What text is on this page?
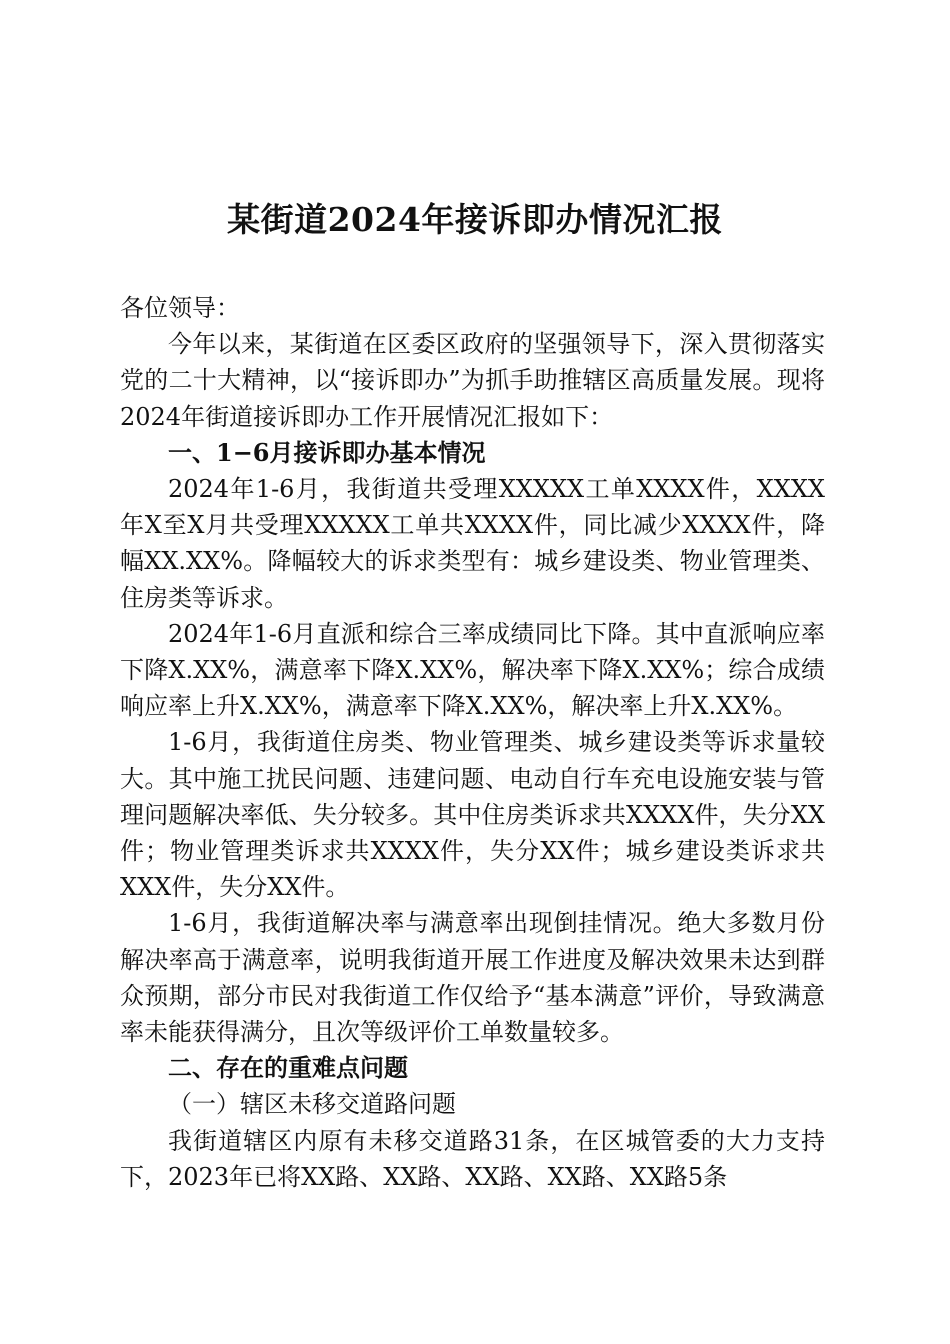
某街道2024年接诉即办情况汇报

各位领导：

今年以来，某街道在区委区政府的坚强领导下，深入贯彻落实党的二十大精神，以“接诉即办”为抓手助推辖区高质量发展。现将2024年街道接诉即办工作开展情况汇报如下：

一、1−6月接诉即办基本情况

2024年1-6月，我街道共受理XXXXX工单XXXX件，XXXX年X至X月共受理XXXXX工单共XXXX件，同比减少XXXX件，降幅XX.XX%。降幅较大的诉求类型有：城乡建设类、物业管理类、住房类等诉求。

2024年1-6月直派和综合三率成绩同比下降。其中直派响应率下降X.XX%，满意率下降X.XX%，解决率下降X.XX%；综合成绩响应率上升X.XX%，满意率下降X.XX%，解决率上升X.XX%。

1-6月，我街道住房类、物业管理类、城乡建设类等诉求量较大。其中施工扰民问题、违建问题、电动自行车充电设施安装与管理问题解决率低、失分较多。其中住房类诉求共XXXX件，失分XX件；物业管理类诉求共XXXX件，失分XX件；城乡建设类诉求共XXX件，失分XX件。

1-6月，我街道解决率与满意率出现倒挂情况。绝大多数月份解决率高于满意率，说明我街道开展工作进度及解决效果未达到群众预期，部分市民对我街道工作仅给予“基本满意”评价，导致满意率未能获得满分，且次等级评价工单数量较多。

二、存在的重难点问题

（一）辖区未移交道路问题

我街道辖区内原有未移交道路31条，在区城管委的大力支持下，2023年已将XX路、XX路、XX路、XX路、XX路5条
